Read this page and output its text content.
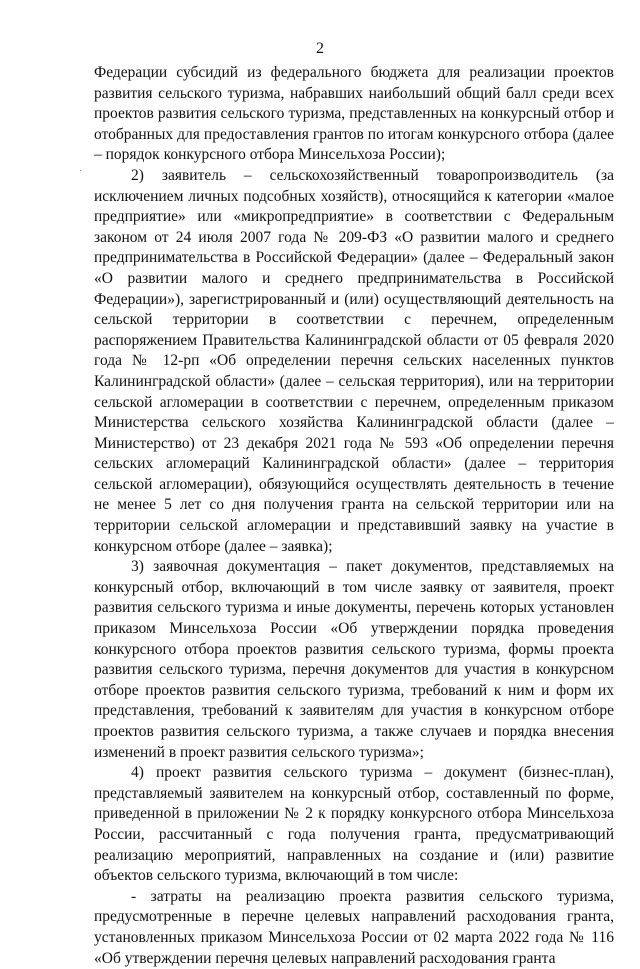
2

Федерации субсидий из федерального бюджета для реализации проектов развития сельского туризма, набравших наибольший общий балл среди всех проектов развития сельского туризма, представленных на конкурсный отбор и отобранных для предоставления грантов по итогам конкурсного отбора (далее – порядок конкурсного отбора Минсельхоза России);

2) заявитель – сельскохозяйственный товаропроизводитель (за исключением личных подсобных хозяйств), относящийся к категории «малое предприятие» или «микропредприятие» в соответствии с Федеральным законом от 24 июля 2007 года № 209-ФЗ «О развитии малого и среднего предпринимательства в Российской Федерации» (далее – Федеральный закон «О развитии малого и среднего предпринимательства в Российской Федерации»), зарегистрированный и (или) осуществляющий деятельность на сельской территории в соответствии с перечнем, определенным распоряжением Правительства Калининградской области от 05 февраля 2020 года № 12-рп «Об определении перечня сельских населенных пунктов Калининградской области» (далее – сельская территория), или на территории сельской агломерации в соответствии с перечнем, определенным приказом Министерства сельского хозяйства Калининградской области (далее – Министерство) от 23 декабря 2021 года № 593 «Об определении перечня сельских агломераций Калининградской области» (далее – территория сельской агломерации), обязующийся осуществлять деятельность в течение не менее 5 лет со дня получения гранта на сельской территории или на территории сельской агломерации и представивший заявку на участие в конкурсном отборе (далее – заявка);

3) заявочная документация – пакет документов, представляемых на конкурсный отбор, включающий в том числе заявку от заявителя, проект развития сельского туризма и иные документы, перечень которых установлен приказом Минсельхоза России «Об утверждении порядка проведения конкурсного отбора проектов развития сельского туризма, формы проекта развития сельского туризма, перечня документов для участия в конкурсном отборе проектов развития сельского туризма, требований к ним и форм их представления, требований к заявителям для участия в конкурсном отборе проектов развития сельского туризма, а также случаев и порядка внесения изменений в проект развития сельского туризма»;

4) проект развития сельского туризма – документ (бизнес-план), представляемый заявителем на конкурсный отбор, составленный по форме, приведенной в приложении № 2 к порядку конкурсного отбора Минсельхоза России, рассчитанный с года получения гранта, предусматривающий реализацию мероприятий, направленных на создание и (или) развитие объектов сельского туризма, включающий в том числе:

- затраты на реализацию проекта развития сельского туризма, предусмотренные в перечне целевых направлений расходования гранта, установленных приказом Минсельхоза России от 02 марта 2022 года № 116 «Об утверждении перечня целевых направлений расходования гранта
